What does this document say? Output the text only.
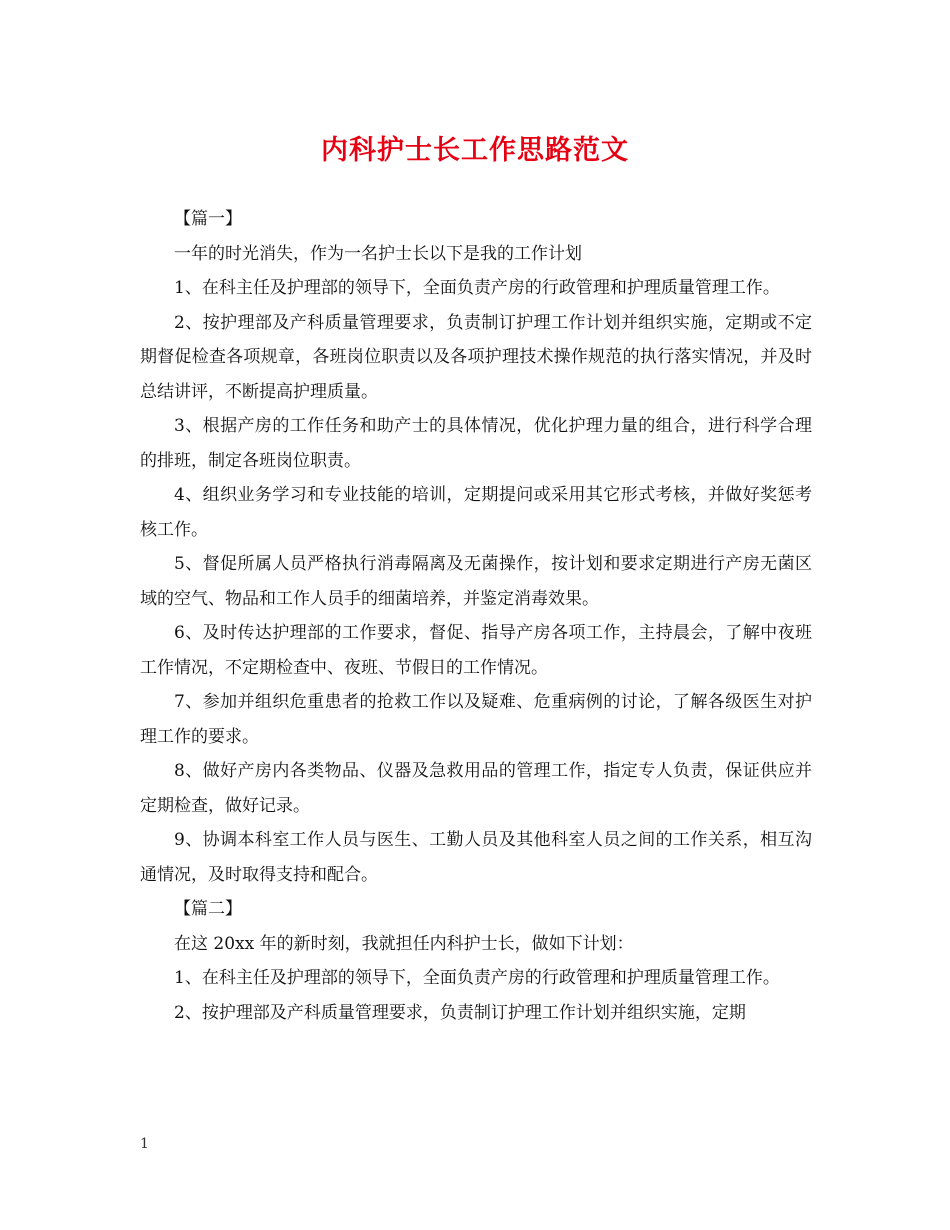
内科护士长工作思路范文

【篇一】

一年的时光消失，作为一名护士长以下是我的工作计划

1、在科主任及护理部的领导下，全面负责产房的行政管理和护理质量管理工作。

2、按护理部及产科质量管理要求，负责制订护理工作计划并组织实施，定期或不定期督促检查各项规章，各班岗位职责以及各项护理技术操作规范的执行落实情况，并及时总结讲评，不断提高护理质量。

3、根据产房的工作任务和助产士的具体情况，优化护理力量的组合，进行科学合理的排班，制定各班岗位职责。

4、组织业务学习和专业技能的培训，定期提问或采用其它形式考核，并做好奖惩考核工作。

5、督促所属人员严格执行消毒隔离及无菌操作，按计划和要求定期进行产房无菌区域的空气、物品和工作人员手的细菌培养，并鉴定消毒效果。

6、及时传达护理部的工作要求，督促、指导产房各项工作，主持晨会，了解中夜班工作情况，不定期检查中、夜班、节假日的工作情况。

7、参加并组织危重患者的抢救工作以及疑难、危重病例的讨论，了解各级医生对护理工作的要求。

8、做好产房内各类物品、仪器及急救用品的管理工作，指定专人负责，保证供应并定期检查，做好记录。

9、协调本科室工作人员与医生、工勤人员及其他科室人员之间的工作关系，相互沟通情况，及时取得支持和配合。

【篇二】

在这 20xx 年的新时刻，我就担任内科护士长，做如下计划：

1、在科主任及护理部的领导下，全面负责产房的行政管理和护理质量管理工作。

2、按护理部及产科质量管理要求，负责制订护理工作计划并组织实施，定期

1
